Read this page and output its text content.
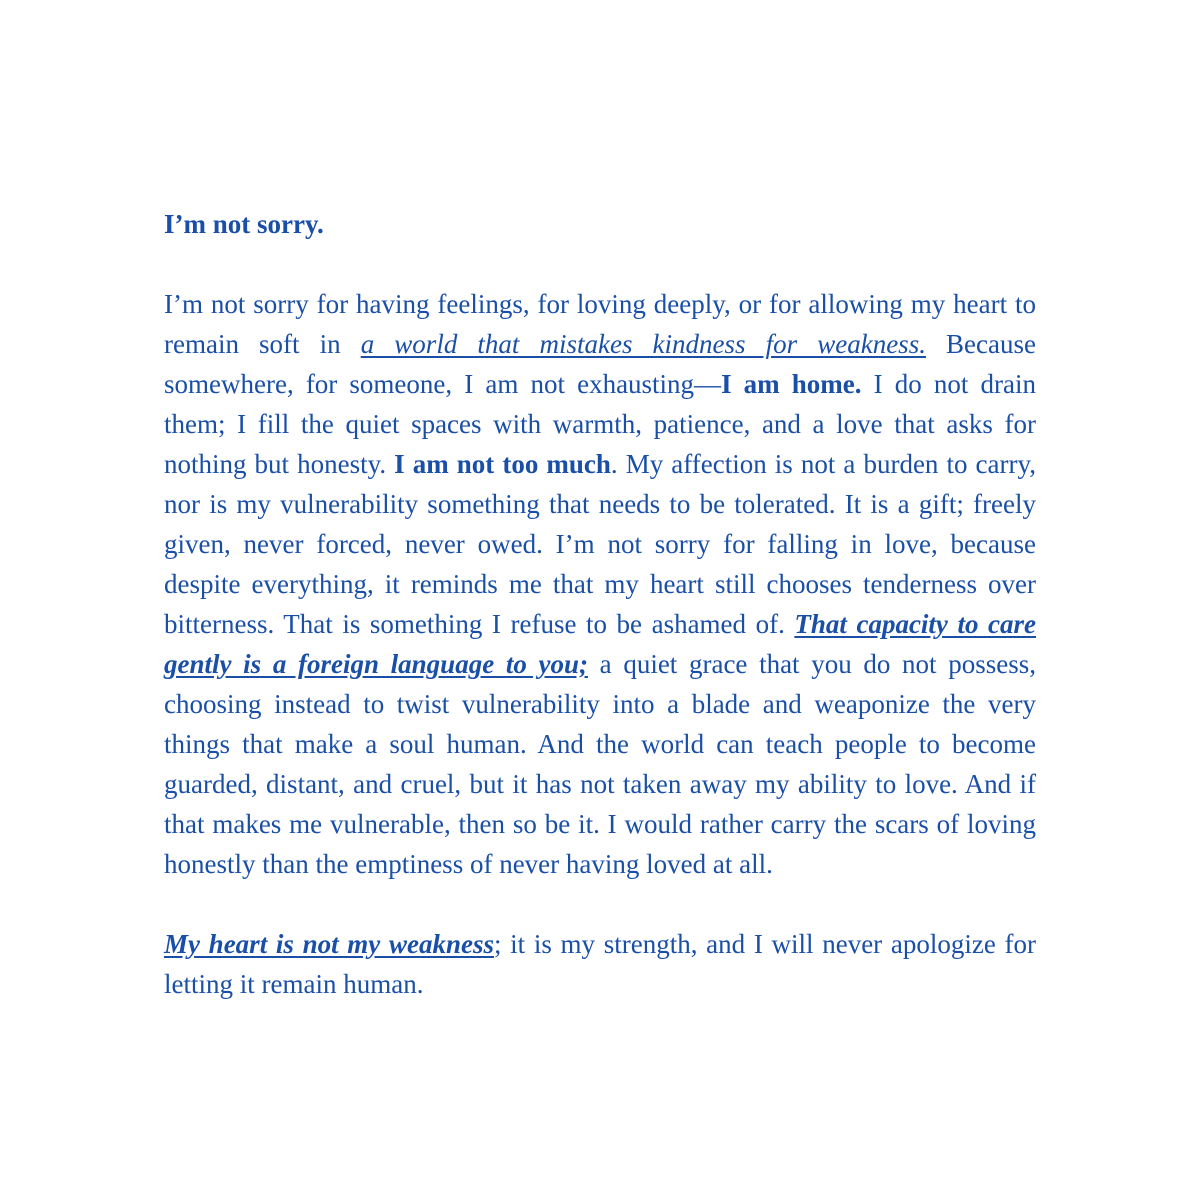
I’m not sorry.

I’m not sorry for having feelings, for loving deeply, or for allowing my heart to remain soft in a world that mistakes kindness for weakness. Because somewhere, for someone, I am not exhausting—I am home. I do not drain them; I fill the quiet spaces with warmth, patience, and a love that asks for nothing but honesty. I am not too much. My affection is not a burden to carry, nor is my vulnerability something that needs to be tolerated. It is a gift; freely given, never forced, never owed. I’m not sorry for falling in love, because despite everything, it reminds me that my heart still chooses tenderness over bitterness. That is something I refuse to be ashamed of. That capacity to care gently is a foreign language to you; a quiet grace that you do not possess, choosing instead to twist vulnerability into a blade and weaponize the very things that make a soul human. And the world can teach people to become guarded, distant, and cruel, but it has not taken away my ability to love. And if that makes me vulnerable, then so be it. I would rather carry the scars of loving honestly than the emptiness of never having loved at all.

My heart is not my weakness; it is my strength, and I will never apologize for letting it remain human.
